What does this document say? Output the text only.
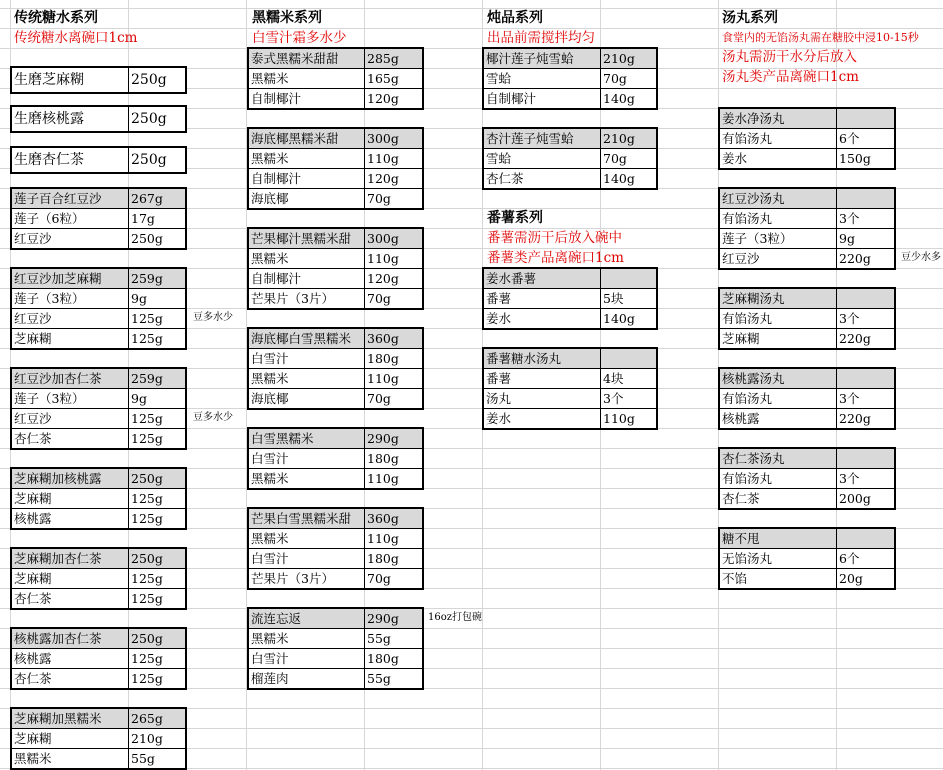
传统糖水系列
传统糖水离碗口1cm
生磨芝麻糊	250g
生磨核桃露	250g
生磨杏仁茶	250g
莲子百合红豆沙	267g
莲子（6粒）	17g
红豆沙	250g
红豆沙加芝麻糊	259g
莲子（3粒）	9g
红豆沙	125g
芝麻糊	125g
豆多水少
红豆沙加杏仁茶	259g
莲子（3粒）	9g
红豆沙	125g
杏仁茶	125g
豆多水少
芝麻糊加核桃露	250g
芝麻糊	125g
核桃露	125g
芝麻糊加杏仁茶	250g
芝麻糊	125g
杏仁茶	125g
核桃露加杏仁茶	250g
核桃露	125g
杏仁茶	125g
芝麻糊加黑糯米	265g
芝麻糊	210g
黑糯米	55g
黑糯米系列
白雪汁霜多水少
泰式黑糯米甜甜	285g
黑糯米	165g
自制椰汁	120g
海底椰黑糯米甜	300g
黑糯米	110g
自制椰汁	120g
海底椰	70g
芒果椰汁黑糯米甜	300g
黑糯米	110g
自制椰汁	120g
芒果片（3片）	70g
海底椰白雪黑糯米	360g
白雪汁	180g
黑糯米	110g
海底椰	70g
白雪黑糯米	290g
白雪汁	180g
黑糯米	110g
芒果白雪黑糯米甜	360g
黑糯米	110g
白雪汁	180g
芒果片（3片）	70g
流连忘返	290g
黑糯米	55g
白雪汁	180g
榴莲肉	55g
16oz打包碗
炖品系列
出品前需搅拌均匀
椰汁莲子炖雪蛤	210g
雪蛤	70g
自制椰汁	140g
杏汁莲子炖雪蛤	210g
雪蛤	70g
杏仁茶	140g
番薯系列
番薯需沥干后放入碗中
番薯类产品离碗口1cm
姜水番薯	
番薯	5块
姜水	140g
番薯糖水汤丸	
番薯	4块
汤丸	3个
姜水	110g
汤丸系列
食堂内的无馅汤丸需在糖胶中浸10-15秒
汤丸需沥干水分后放入
汤丸类产品离碗口1cm
姜水净汤丸	
有馅汤丸	6个
姜水	150g
红豆沙汤丸	
有馅汤丸	3个
莲子（3粒）	9g
红豆沙	220g	豆少水多
芝麻糊汤丸	
有馅汤丸	3个
芝麻糊	220g
核桃露汤丸	
有馅汤丸	3个
核桃露	220g
杏仁茶汤丸	
有馅汤丸	3个
杏仁茶	200g
糖不甩	
无馅汤丸	6个
不馅	20g
